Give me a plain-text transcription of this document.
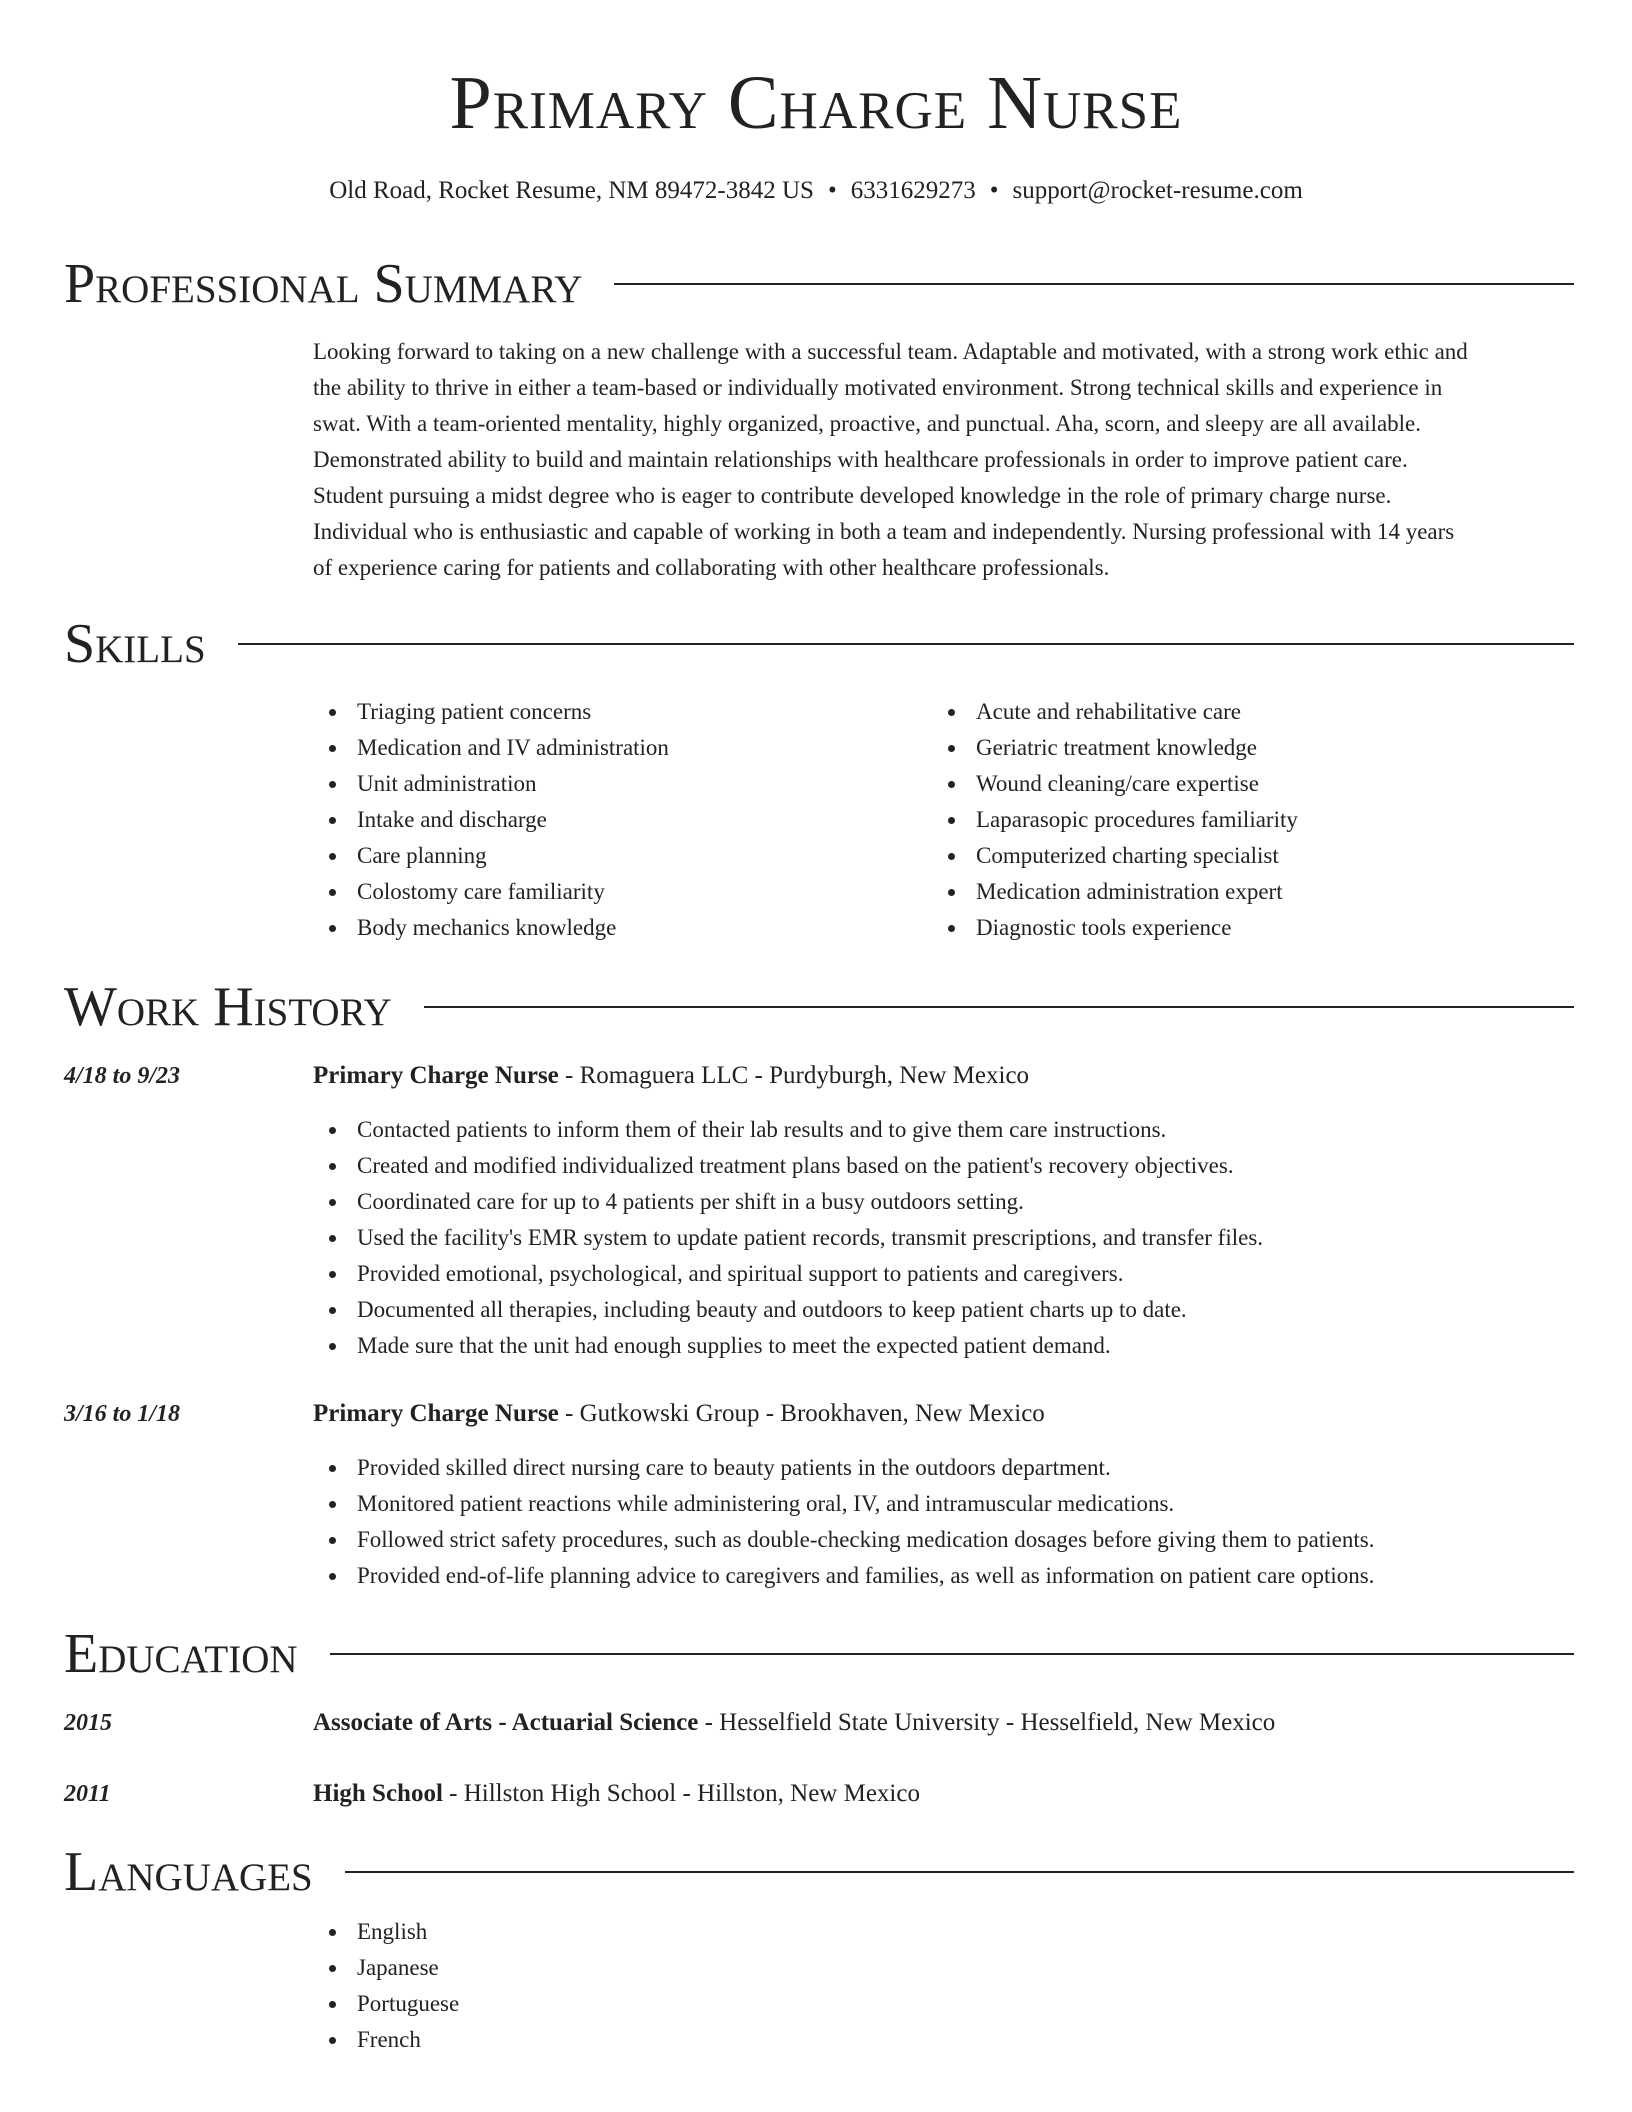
Primary Charge Nurse
Old Road, Rocket Resume, NM 89472-3842 US • 6331629273 • support@rocket-resume.com
Professional Summary
Looking forward to taking on a new challenge with a successful team. Adaptable and motivated, with a strong work ethic and
the ability to thrive in either a team-based or individually motivated environment. Strong technical skills and experience in
swat. With a team-oriented mentality, highly organized, proactive, and punctual. Aha, scorn, and sleepy are all available.
Demonstrated ability to build and maintain relationships with healthcare professionals in order to improve patient care.
Student pursuing a midst degree who is eager to contribute developed knowledge in the role of primary charge nurse.
Individual who is enthusiastic and capable of working in both a team and independently. Nursing professional with 14 years
of experience caring for patients and collaborating with other healthcare professionals.
Skills
Triaging patient concerns
Medication and IV administration
Unit administration
Intake and discharge
Care planning
Colostomy care familiarity
Body mechanics knowledge
Acute and rehabilitative care
Geriatric treatment knowledge
Wound cleaning/care expertise
Laparasopic procedures familiarity
Computerized charting specialist
Medication administration expert
Diagnostic tools experience
Work History
4/18 to 9/23	Primary Charge Nurse - Romaguera LLC - Purdyburgh, New Mexico
Contacted patients to inform them of their lab results and to give them care instructions.
Created and modified individualized treatment plans based on the patient's recovery objectives.
Coordinated care for up to 4 patients per shift in a busy outdoors setting.
Used the facility's EMR system to update patient records, transmit prescriptions, and transfer files.
Provided emotional, psychological, and spiritual support to patients and caregivers.
Documented all therapies, including beauty and outdoors to keep patient charts up to date.
Made sure that the unit had enough supplies to meet the expected patient demand.
3/16 to 1/18	Primary Charge Nurse - Gutkowski Group - Brookhaven, New Mexico
Provided skilled direct nursing care to beauty patients in the outdoors department.
Monitored patient reactions while administering oral, IV, and intramuscular medications.
Followed strict safety procedures, such as double-checking medication dosages before giving them to patients.
Provided end-of-life planning advice to caregivers and families, as well as information on patient care options.
Education
2015	Associate of Arts - Actuarial Science - Hesselfield State University - Hesselfield, New Mexico
2011	High School - Hillston High School - Hillston, New Mexico
Languages
English
Japanese
Portuguese
French
